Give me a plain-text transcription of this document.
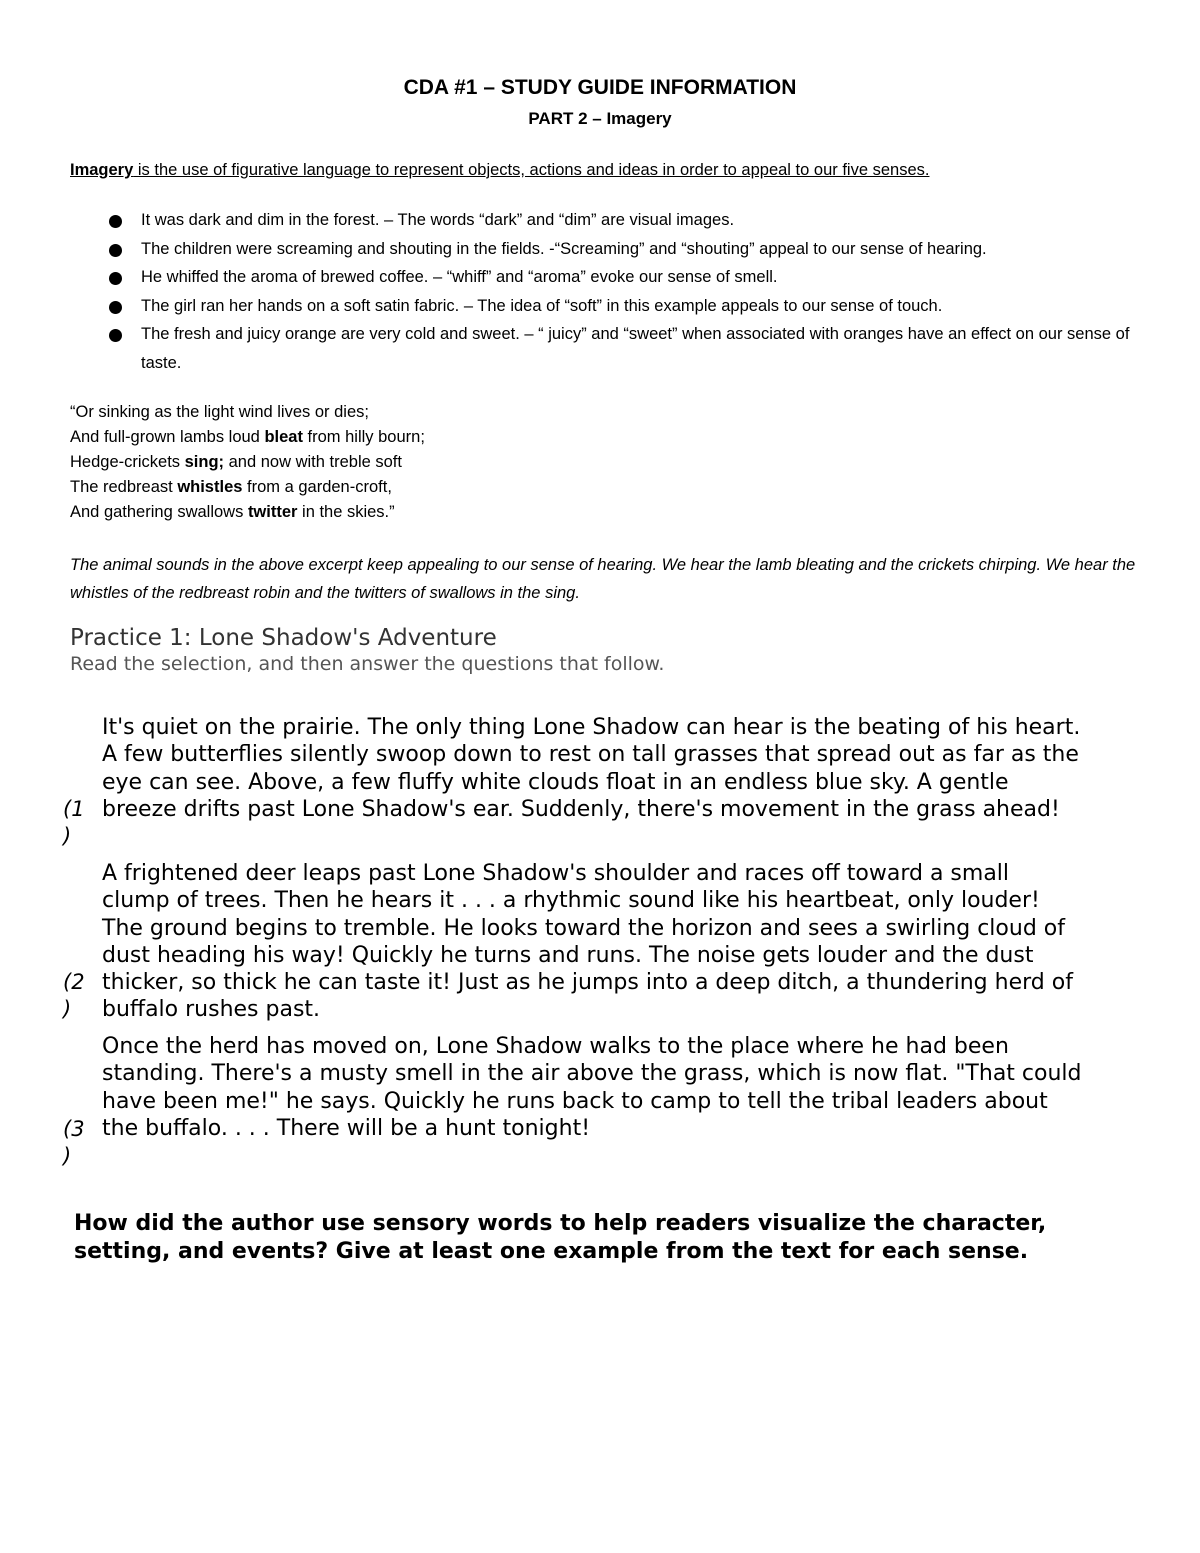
CDA #1 – STUDY GUIDE INFORMATION
PART 2 – Imagery
Imagery is the use of figurative language to represent objects, actions and ideas in order to appeal to our five senses.
It was dark and dim in the forest. – The words “dark” and “dim” are visual images.
The children were screaming and shouting in the fields. -“Screaming” and “shouting” appeal to our sense of hearing.
He whiffed the aroma of brewed coffee. – “whiff” and “aroma” evoke our sense of smell.
The girl ran her hands on a soft satin fabric. – The idea of “soft” in this example appeals to our sense of touch.
The fresh and juicy orange are very cold and sweet. – “ juicy” and “sweet” when associated with oranges have an effect on our sense of taste.
“Or sinking as the light wind lives or dies;
And full-grown lambs loud bleat from hilly bourn;
Hedge-crickets sing; and now with treble soft
The redbreast whistles from a garden-croft,
And gathering swallows twitter in the skies.”
The animal sounds in the above excerpt keep appealing to our sense of hearing. We hear the lamb bleating and the crickets chirping. We hear the whistles of the redbreast robin and the twitters of swallows in the sing.
Practice 1: Lone Shadow's Adventure
Read the selection, and then answer the questions that follow.
(1 )
It's quiet on the prairie. The only thing Lone Shadow can hear is the beating of his heart. A few butterflies silently swoop down to rest on tall grasses that spread out as far as the eye can see. Above, a few fluffy white clouds float in an endless blue sky. A gentle breeze drifts past Lone Shadow's ear. Suddenly, there's movement in the grass ahead!
(2 )
A frightened deer leaps past Lone Shadow's shoulder and races off toward a small clump of trees. Then he hears it . . . a rhythmic sound like his heartbeat, only louder! The ground begins to tremble. He looks toward the horizon and sees a swirling cloud of dust heading his way! Quickly he turns and runs. The noise gets louder and the dust thicker, so thick he can taste it! Just as he jumps into a deep ditch, a thundering herd of buffalo rushes past.
(3 )
Once the herd has moved on, Lone Shadow walks to the place where he had been standing. There's a musty smell in the air above the grass, which is now flat. "That could have been me!" he says. Quickly he runs back to camp to tell the tribal leaders about the buffalo. . . . There will be a hunt tonight!
How did the author use sensory words to help readers visualize the character, setting, and events? Give at least one example from the text for each sense.
